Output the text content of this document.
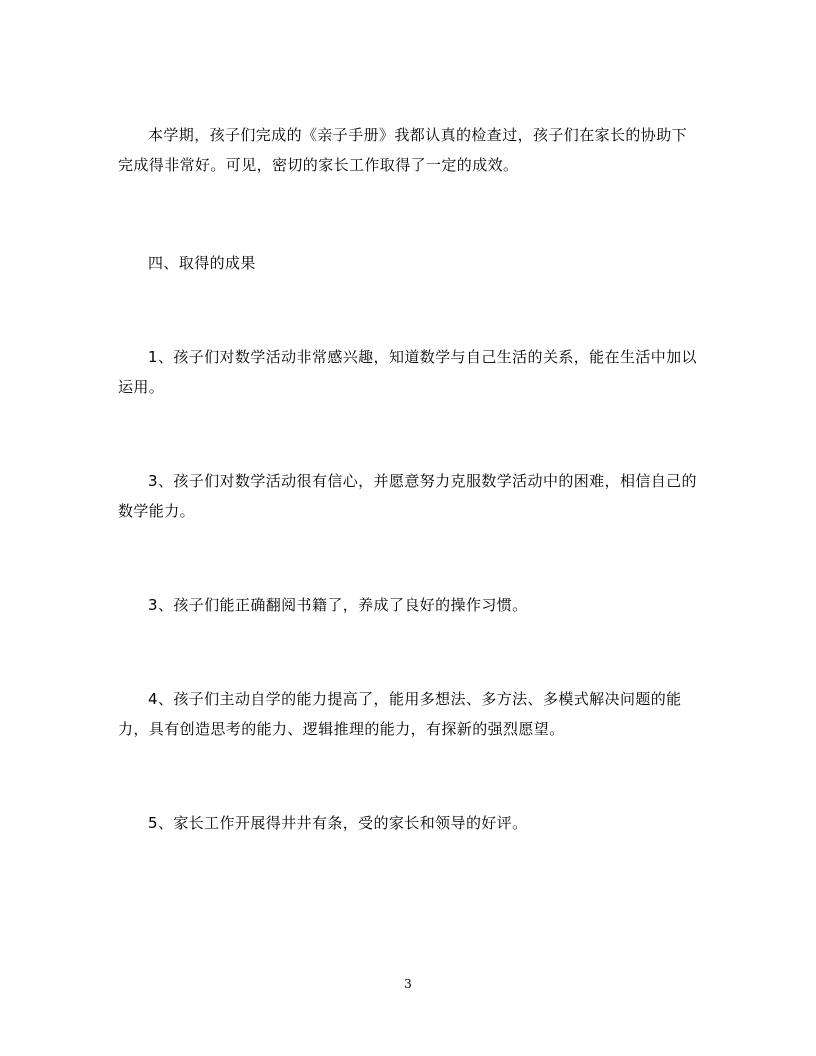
本学期，孩子们完成的《亲子手册》我都认真的检查过，孩子们在家长的协助下完成得非常好。可见，密切的家长工作取得了一定的成效。

四、取得的成果

1、孩子们对数学活动非常感兴趣，知道数学与自己生活的关系，能在生活中加以运用。

3、孩子们对数学活动很有信心，并愿意努力克服数学活动中的困难，相信自己的数学能力。

3、孩子们能正确翻阅书籍了，养成了良好的操作习惯。

4、孩子们主动自学的能力提高了，能用多想法、多方法、多模式解决问题的能力，具有创造思考的能力、逻辑推理的能力，有探新的强烈愿望。

5、家长工作开展得井井有条，受的家长和领导的好评。

3
